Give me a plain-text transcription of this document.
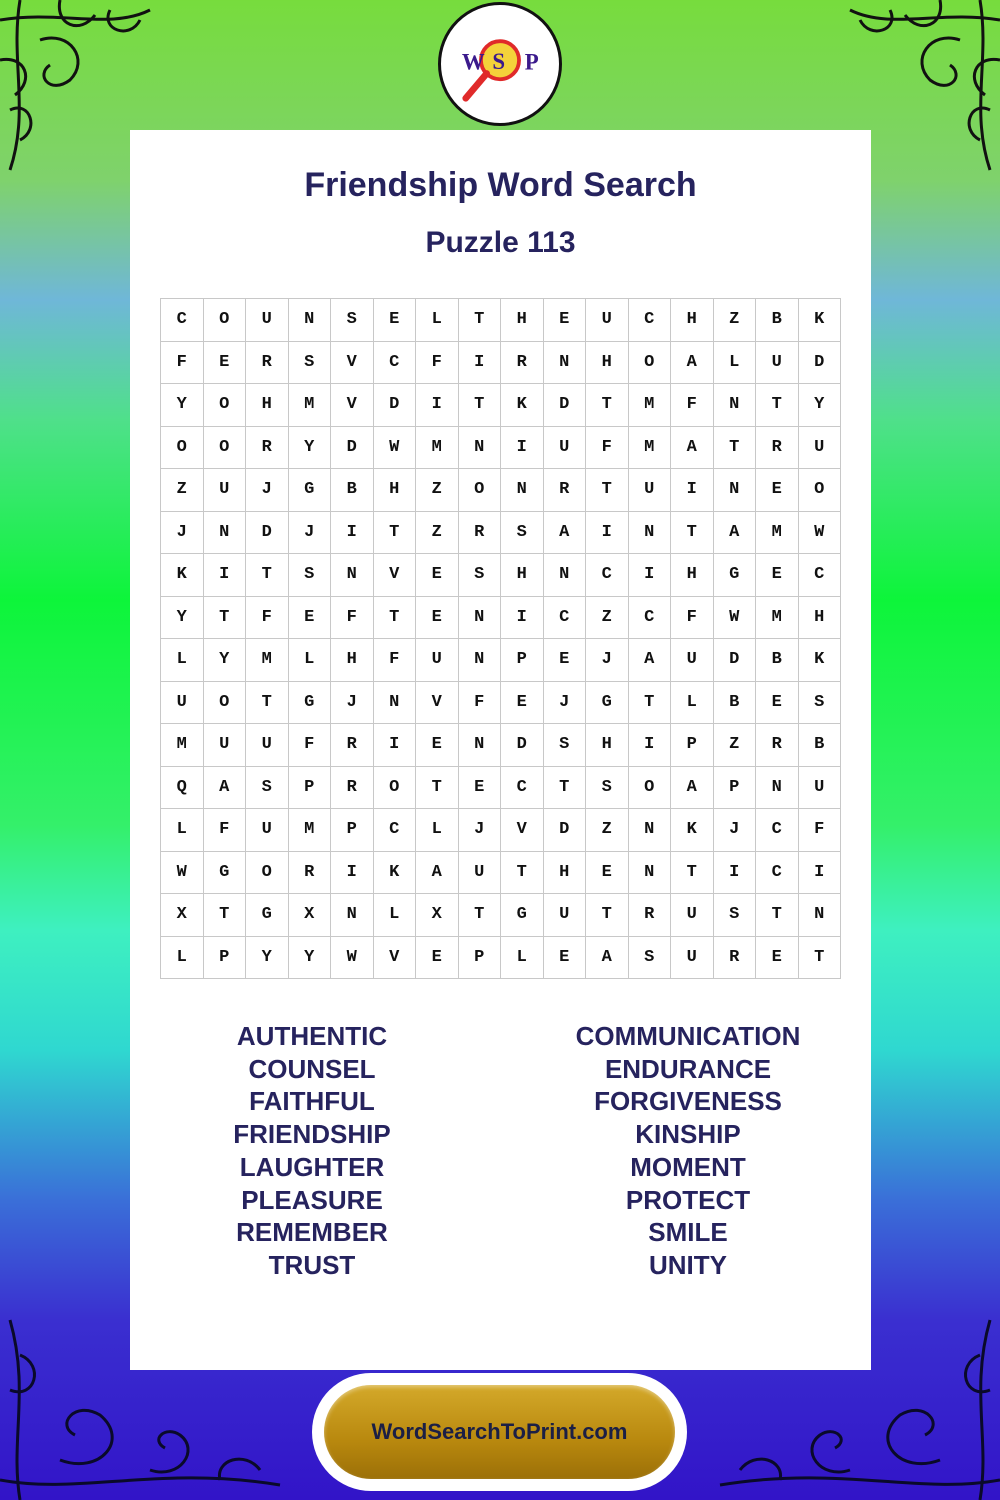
W S P
Friendship Word Search
Puzzle 113
C	O	U	N	S	E	L	T	H	E	U	C	H	Z	B	K
F	E	R	S	V	C	F	I	R	N	H	O	A	L	U	D
Y	O	H	M	V	D	I	T	K	D	T	M	F	N	T	Y
O	O	R	Y	D	W	M	N	I	U	F	M	A	T	R	U
Z	U	J	G	B	H	Z	O	N	R	T	U	I	N	E	O
J	N	D	J	I	T	Z	R	S	A	I	N	T	A	M	W
K	I	T	S	N	V	E	S	H	N	C	I	H	G	E	C
Y	T	F	E	F	T	E	N	I	C	Z	C	F	W	M	H
L	Y	M	L	H	F	U	N	P	E	J	A	U	D	B	K
U	O	T	G	J	N	V	F	E	J	G	T	L	B	E	S
M	U	U	F	R	I	E	N	D	S	H	I	P	Z	R	B
Q	A	S	P	R	O	T	E	C	T	S	O	A	P	N	U
L	F	U	M	P	C	L	J	V	D	Z	N	K	J	C	F
W	G	O	R	I	K	A	U	T	H	E	N	T	I	C	I
X	T	G	X	N	L	X	T	G	U	T	R	U	S	T	N
L	P	Y	Y	W	V	E	P	L	E	A	S	U	R	E	T
AUTHENTIC
COUNSEL
FAITHFUL
FRIENDSHIP
LAUGHTER
PLEASURE
REMEMBER
TRUST
COMMUNICATION
ENDURANCE
FORGIVENESS
KINSHIP
MOMENT
PROTECT
SMILE
UNITY
WordSearchToPrint.com
